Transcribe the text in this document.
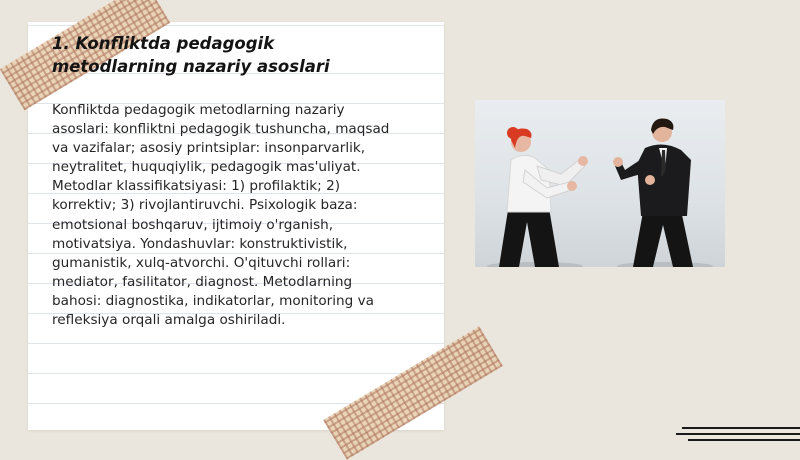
1. Konfliktda pedagogik metodlarning nazariy asoslari

Konfliktda pedagogik metodlarning nazariy asoslari: konfliktni pedagogik tushuncha, maqsad va vazifalar; asosiy printsiplar: insonparvarlik, neytralitet, huquqiylik, pedagogik mas'uliyat. Metodlar klassifikatsiyasi: 1) profilaktik; 2) korrektiv; 3) rivojlantiruvchi. Psixologik baza: emotsional boshqaruv, ijtimoiy o'rganish, motivatsiya. Yondashuvlar: konstruktivistik, gumanistik, xulq-atvorchi. O'qituvchi rollari: mediator, fasilitator, diagnost. Metodlarning bahosi: diagnostika, indikatorlar, monitoring va refleksiya orqali amalga oshiriladi.
